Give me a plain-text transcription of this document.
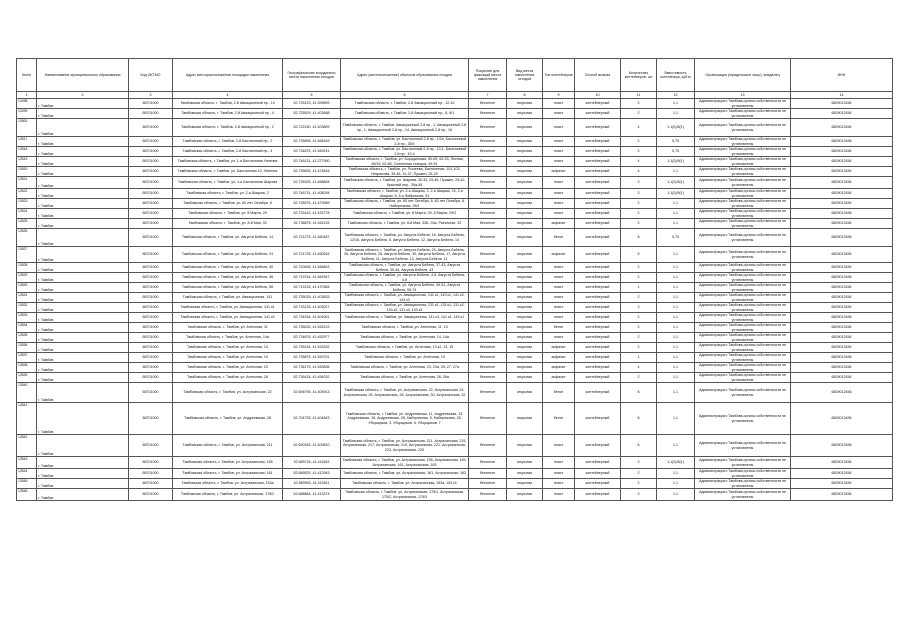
№п/п	Наименование муниципального образования	Код ОКТМО	Адрес месторасположения площадки накопления	Географические координаты места накопления отходов	Адрес (местоположение) объектов образования отходов	Покрытие для фиксаций места накопления	Вид места накопления отходов	Тип контейнеров	Способ вывоза	Количество контейнеров, шт	Вместимость контейнера, куб.м	Организация (юридическое лицо), владелец	ИНН
1	2	3	4	5	6	7	8	9	10	11	12	13	14
13498	г. Тамбов	68701000	Тамбовская область, г. Тамбов, 2-й Авиационный пр., 10	52.725123, 41.399893	Тамбовская область, г. Тамбов, 2-й Авиационный пр., 12-10	бетонное	открытая	пласт	контейнерный	2	1,1	Администрация г.Тамбова,органы собственности не установлены	6829012456
13499	г. Тамбов	68701000	Тамбовская область, г. Тамбов, 2-й Авиационный пр., 4	52.725529, 41.403488	Тамбовская область, г. Тамбов, 2-й Авиационный пр., 6, 8/1	бетонное	открытая	пласт	контейнерный	2	1,1	Администрация г.Тамбова,органы собственности не установлены	6829012456
13500	г. Тамбов	68701000	Тамбовская область, г. Тамбов, 2-й Авиационный пр., 2	52.722150, 41.403809	Тамбовская область, г. Тамбов, Авиационный 2-й пр., 1, Авиационный 2-й пр., 1, Авиационный 2-й пр., 14, Авиационный 2-й пр., 16	бетонное	открытая	пласт	контейнерный	4	1,1(2)/8(1)	Администрация г.Тамбова,органы собственности не установлены	6829012456
13517	г. Тамбов	68701000	Тамбовская область, г. Тамбов, 2-й Бастионный пр., 2	52.735895, 41.468349	Тамбовская область, г. Тамбов, ул. Бастионный 2-й пр., 1/2а, Бастионный 2-й пр., 25/4	бетонное	открытая	пласт	контейнерный	2	0,75	Администрация г.Тамбова,органы собственности не установлены	6829012456
13518	г. Тамбов	68701000	Тамбовская область, г. Тамбов, 2-й Бастионный пр., 4	52.734875, 41.469241	Тамбовская область, г. Тамбов, ул. Бастионный 2-й пр., 10-1, Бастионный 2-й пр., 10-4	бетонное	открытая	пласт	контейнерный	2	0,75	Администрация г.Тамбова,органы собственности не установлены	6829012456
13519	г. Тамбов	68701000	Тамбовская область, г. Тамбов, ул. 1-я Бастионная Успения	52.746131, 41.377950	Тамбовская область, г. Тамбов, ул. Бородинская, 60-69, 63-93, Лесная, 89/16, 62-65, Солнечная станция, 49-51	бетонное	открытая	пласт	контейнерный	4	1,1(2)/8(1)	Администрация г.Тамбова,органы собственности не установлены	6829012456
13520	г. Тамбов	68701000	Тамбовская область, г. Тамбов, ул. Бастионная 10, Успения	52.735625, 41.474816	Тамбовская область, г. Тамбов, ул. Рылеева, Бастионная, 101-103, Некрасова, 39-45, 31-37, Пушкин, 25-29	бетонное	открытая	асфальт	контейнерный	4	1,1	Администрация г.Тамбова,органы собственности не установлены	6829012456
13521	г. Тамбов	68701000	Тамбовская область, г. Тамбов, ул. 1-я Бастионная Шарова	52.726325, 41.468684	Тамбовская область, г. Тамбов, ул. Шарова, 30-33, 29-49, Пушкин, 29-42, Красный пер., 39а-46	бетонное	открытая	пласт	контейнерный	3	1,1(2)/8(1)	Администрация г.Тамбова,органы собственности не установлены	6829012456
13522	г. Тамбов	68701000	Тамбовская область, г. Тамбов, ул. 2-я Шацкая, 2	52.746731, 41.408294	Тамбовская область, г. Тамбов, ул. 2-я Шацкая, 3, 2-я Шацкая, 24, 2-я Шацкая, 8, 5-я Фабричная, 51	бетонное	открытая	пласт	контейнерный	3	1,1(2)/8(1)	Администрация г.Тамбова,органы собственности не установлены	6829012456
13523	г. Тамбов	68701000	Тамбовская область, г. Тамбов, ул. 60 лет Октября, 6	52.728575, 41.473989	Тамбовская область, г. Тамбов, ул. 60 лет Октября, 6, 60 лет Октября, 8, Набережная, 26/1	бетонное	открытая	пласт	контейнерный	2	1,1	Администрация г.Тамбова,органы собственности не установлены	6829012456
13524	г. Тамбов	68701000	Тамбовская область, г. Тамбов, ул. 8 Марта, 29	52.733143, 41.433778	Тамбовская область, г. Тамбов, ул. 8 Марта, 29, 8 Марта, 29/2	бетонное	открытая	пласт	контейнерный	2	1,1	Администрация г.Тамбова,органы собственности не установлены	6829012456
13525	г. Тамбов	68701000	Тамбовская область, г. Тамбов, ул. 8-й Мая, 33	52.738875, 41.451133	Тамбовская область, г. Тамбов, ул. 8-й Мая, 33Б, 33а, Рыночная, 32	бетонное	открытая	асфальт	контейнерный	2	1,1	Администрация г.Тамбова,органы собственности не установлены	6829012456
13526	г. Тамбов	68701000	Тамбовская область, г. Тамбов, ул. Августа Бебеля, 14	52.721275, 41.460487	Тамбовская область, г. Тамбов, ул. Августа Бебеля, 16, Августа Бебеля, 12/16, Августа Бебеля, 8, Августа Бебеля, 12, Августа Бебеля, 14	бетонное	открытая	бетон	контейнерный	8	0,75	Администрация г.Тамбова,органы собственности не установлены	6829012456
13527	г. Тамбов	68701000	Тамбовская область, г. Тамбов, ул. Августа Бебеля, 24	52.721725, 41.460516	Тамбовская область, г. Тамбов, ул. Августа Бебеля, 24, Августа Бебеля, 26, Августа Бебеля, 28, Августа Бебеля, 30, Августа Бебеля, 17, Августа Бебеля, 11, Августа Бебеля, 13, Августа Бебеля, 11	бетонное	открытая	асфальт	контейнерный	5	1,1	Администрация г.Тамбова,органы собственности не установлены	6829012456
13528	г. Тамбов	68701000	Тамбовская область, г. Тамбов, ул. Августа Бебеля, 40	52.720455, 41.466843	Тамбовская область, г. Тамбов, ул. Августа Бебеля, 37-43, Августа Бебеля, 39-45, Августа Бебеля, 43	бетонное	открытая	пласт	контейнерный	2	1,1	Администрация г.Тамбова,органы собственности не установлены	6829012456
13529	г. Тамбов	68701000	Тамбовская область, г. Тамбов, ул. Августа Бебеля, 46	52.719744, 41.469347	Тамбовская область, г. Тамбов, ул. Августа Бебеля, 4-6, Августа Бебеля, 4-6	бетонное	открытая	пласт	контейнерный	2	1,1	Администрация г.Тамбова,органы собственности не установлены	6829012456
13530	г. Тамбов	68701000	Тамбовская область, г. Тамбов, ул. Августа Бебеля, 56	52.719125, 41.470384	Тамбовская область, г. Тамбов, ул. Августа Бебеля, 49-51, Августа Бебеля, 55-74	бетонное	открытая	пласт	контейнерный	1	1,1	Администрация г.Тамбова,органы собственности не установлены	6829012456
13531	г. Тамбов	68701000	Тамбовская область, г. Тамбов, ул. Авиационная, 141	52.735025, 41.403833	Тамбовская область, г. Тамбов, ул. Авиационная, 141 к1, 143 к1, 141 к3, 143 к3	бетонное	открытая	пласт	контейнерный	2	1,1	Администрация г.Тамбова,органы собственности не установлены	6829012456
13532	г. Тамбов	68701000	Тамбовская область, г. Тамбов, ул. Авиационная, 131 к1	52.733125, 41.403027	Тамбовская область, г. Тамбов, ул. Авиационная, 131 к1, 133 к1, 131 к2, 133 к2, 131 к3, 133 к3	бетонное	открытая	пласт	контейнерный	3	1,1	Администрация г.Тамбова,органы собственности не установлены	6829012456
13533	г. Тамбов	68701000	Тамбовская область, г. Тамбов, ул. Авиационная, 141 к3	52.734334, 41.404901	Тамбовская область, г. Тамбов, ул. Авиационная, 141 к3, 141 к1, 143 к1	бетонное	открытая	пласт	контейнерный	2	1,1	Администрация г.Тамбова,органы собственности не установлены	6829012456
13534	г. Тамбов	68701000	Тамбовская область, г. Тамбов, ул. Аптечная, 11	52.735025, 41.453123	Тамбовская область, г. Тамбов, ул. Аптечная, 11, 13	бетонное	открытая	бетон	контейнерный	2	1,1	Администрация г.Тамбова,органы собственности не установлены	6829012456
13535	г. Тамбов	68701000	Тамбовская область, г. Тамбов, ул. Аптечная, 14а	52.734876, 41.452977	Тамбовская область, г. Тамбов, ул. Аптечная, 14, 14а	бетонное	открытая	пласт	контейнерный	2	1,1	Администрация г.Тамбова,органы собственности не установлены	6829012456
13536	г. Тамбов	68701000	Тамбовская область, г. Тамбов, ул. Аптечная, 13	52.735134, 41.453332	Тамбовская область, г. Тамбов, ул. Аптечная, 13 к2, 13, 15	бетонное	открытая	асфальт	контейнерный	2	1,1	Администрация г.Тамбова,органы собственности не установлены	6829012456
13537	г. Тамбов	68701000	Тамбовская область, г. Тамбов, ул. Аптечная, 19	52.735875, 41.453701	Тамбовская область, г. Тамбов, ул. Аптечная, 19	бетонное	открытая	асфальт	контейнерный	1	1,1	Администрация г.Тамбова,органы собственности не установлены	6829012456
13538	г. Тамбов	68701000	Тамбовская область, г. Тамбов, ул. Аптечная, 23	52.736175, 41.453836	Тамбовская область, г. Тамбов, ул. Аптечная, 23, 23а, 25, 27, 27а	бетонное	открытая	асфальт	контейнерный	4	1,1	Администрация г.Тамбова,органы собственности не установлены	6829012456
13539	г. Тамбов	68701000	Тамбовская область, г. Тамбов, ул. Аптечная, 26	52.736434, 41.454032	Тамбовская область, г. Тамбов, ул. Аптечная, 26, 26а	бетонное	открытая	асфальт	контейнерный	2	1,1	Администрация г.Тамбова,органы собственности не установлены	6829012456
13540	г. Тамбов	68701000	Тамбовская область, г. Тамбов, ул. Астраханская, 22	52.696795, 41.405913	Тамбовская область, г. Тамбов, ул. Астраханская, 22, Астраханская, 24, Астраханская, 26, Астраханская, 28, Астраханская, 30, Астраханская, 32	бетонное	открытая	бетон	контейнерный	8	1,1	Администрация г.Тамбова,органы собственности не установлены	6829012456
13541	г. Тамбов	68701000	Тамбовская область, г. Тамбов, ул. Андреевская, 26	52.704735, 41.404843	Тамбовская область, г. Тамбов, ул. Андреевская, 11, Андреевская, 13, Андреевская, 15, Андреевская, 26, Набережная, 5, Набережная, 25, Уборщиков, 3, Уборщиков, 5, Уборщиков, 7	бетонное	открытая	бетон	контейнерный	8	1,1	Администрация г.Тамбова,органы собственности не установлены	6829012456
13542	г. Тамбов	68701000	Тамбовская область, г. Тамбов, ул. Астраханская, 211	52.690345, 41.409810	Тамбовская область, г. Тамбов, ул. Астраханская, 211, Астраханская, 215, Астраханская, 217, Астраханская, 219, Астраханская, 221, Астраханская, 223, Астраханская, 225	бетонное	открытая	пласт	контейнерный	6	1,1	Администрация г.Тамбова,органы собственности не установлены	6829012456
13543	г. Тамбов	68701000	Тамбовская область, г. Тамбов, ул. Астраханская, 155	52.689726, 41.411693	Тамбовская область, г. Тамбов, ул. Астраханская, 155, Астраханская, 159, Астраханская, 161, Астраханская, 163	бетонное	открытая	пласт	контейнерный	3	1,1(2)/8(1)	Администрация г.Тамбова,органы собственности не установлены	6829012456
13544	г. Тамбов	68701000	Тамбовская область, г. Тамбов, ул. Астраханская, 161	52.689525, 41.412943	Тамбовская область, г. Тамбов, ул. Астраханская, 161, Астраханская, 163	бетонное	открытая	пласт	контейнерный	2	1,1	Администрация г.Тамбова,органы собственности не установлены	6829012456
13545	г. Тамбов	68701000	Тамбовская область, г. Тамбов, ул. Астраханская, 153а	52.689963, 41.410811	Тамбовская область, г. Тамбов, ул. Астраханская, 153а, 153 к1	бетонное	открытая	пласт	контейнерный	2	1,1	Администрация г.Тамбова,органы собственности не установлены	6829012456
13546	г. Тамбов	68701000	Тамбовская область, г. Тамбов, ул. Астраханская, 175/2	52.688864, 41.413374	Тамбовская область, г. Тамбов, ул. Астраханская, 175/1, Астраханская, 175/2, Астраханская, 175/3	бетонное	открытая	пласт	контейнерный	3	1,1	Администрация г.Тамбова,органы собственности не установлены	6829012456
